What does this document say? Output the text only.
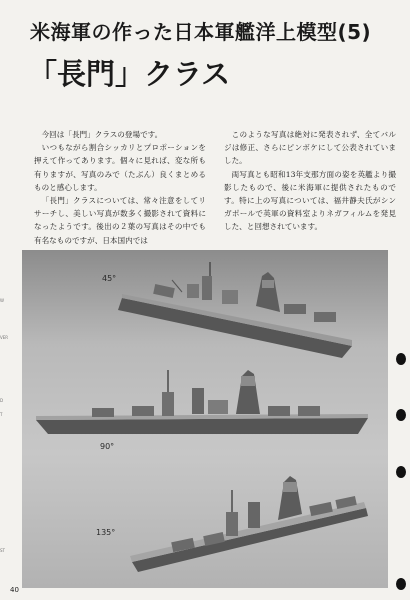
米海軍の作った日本軍艦洋上模型(5)
「長門」クラス

今回は「長門」クラスの登場です。

いつもながら割合シッカリとプロポーションを押えて作ってあります。個々に見れば、変な所も有りますが、写真のみで（たぶん）良くまとめるものと感心します。

「長門」クラスについては、常々注意をしてリサーチし、美しい写真が数多く撮影されて資料になったようです。後出の２葉の写真はその中でも有名なものですが、日本国内では

このような写真は絶対に発表されず、全てバルジは修正、さらにピンボケにして公表されていました。

両写真とも昭和13年支那方面の姿を英艦より撮影したもので、後に米海軍に提供されたものです。特に上の写真については、福井静夫氏がシンガポールで英軍の資料室よりネガフィルムを発見した、と回想されています。

45°
90°
135°
W
VER
D
T
ST
40
